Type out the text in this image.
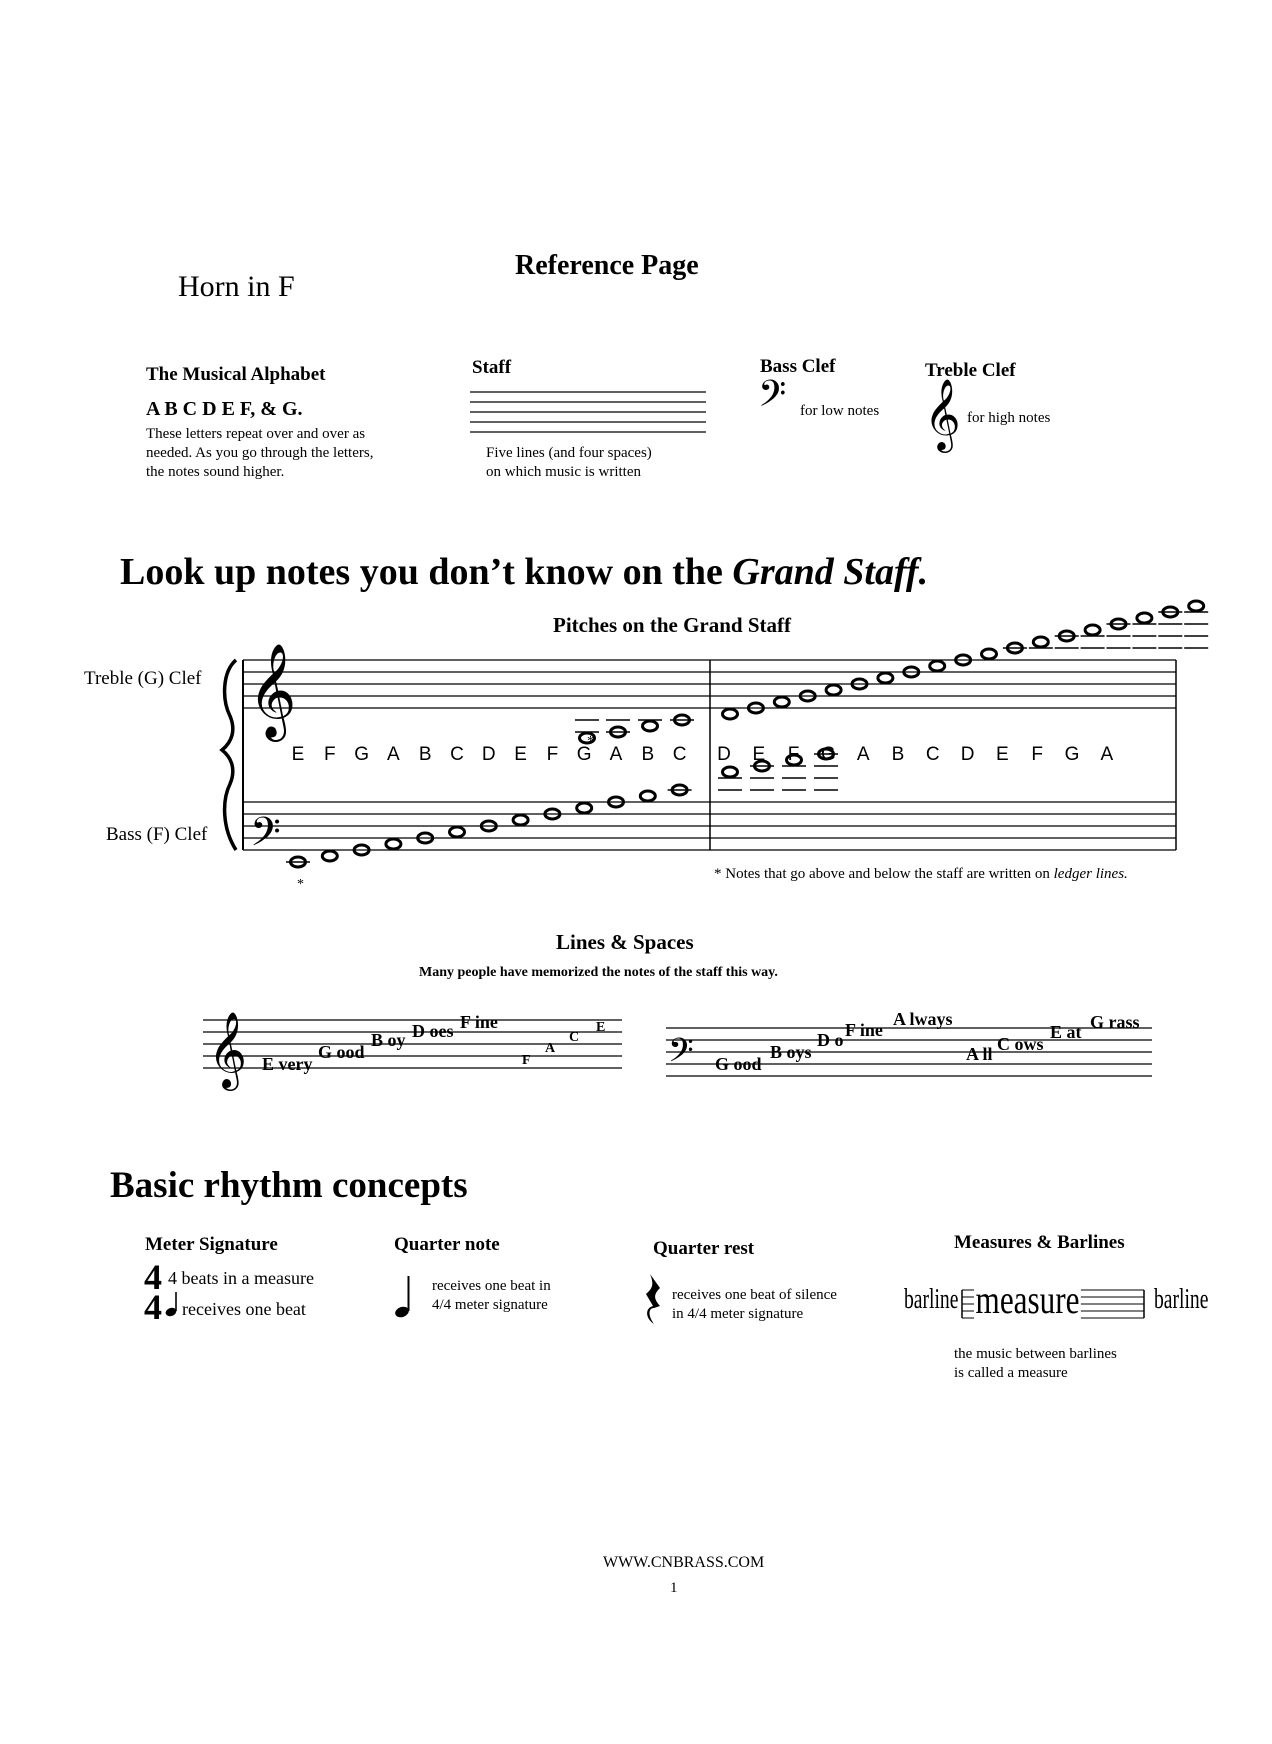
Horn in F
Reference Page
The Musical Alphabet
A B C D E F, & G.
These letters repeat over and over as
needed. As you go through the letters,
the notes sound higher.
Staff
Five lines (and four spaces)
on which music is written
Bass Clef
𝄢 for low notes
Treble Clef
𝄞 for high notes
Look up notes you don’t know on the Grand Staff.
Pitches on the Grand Staff
Treble (G) Clef
Bass (F) Clef
𝄞
𝄢
*
*
E	F G A	B C D E	F G A	B C	D	E	F	G	A	B	C	D	E	F	G	A
* Notes that go above and below the staff are written on ledger lines.
Lines & Spaces
Many people have memorized the notes of the staff this way.
𝄞	𝄢
E very
G ood
B oy D oes F ine
F
A
C
E
G ood
B oys
D o F ine
A lways
A ll C ows
E at G rass
Basic rhythm concepts
Meter Signature
4
4
4 beats in a measure
receives one beat
Quarter note
receives one beat in
4/4 meter signature
Quarter rest
receives one beat of silence
in 4/4 meter signature
Measures & Barlines
barline measure	barline
the music between barlines
is called a measure
WWW.CNBRASS.COM
1
